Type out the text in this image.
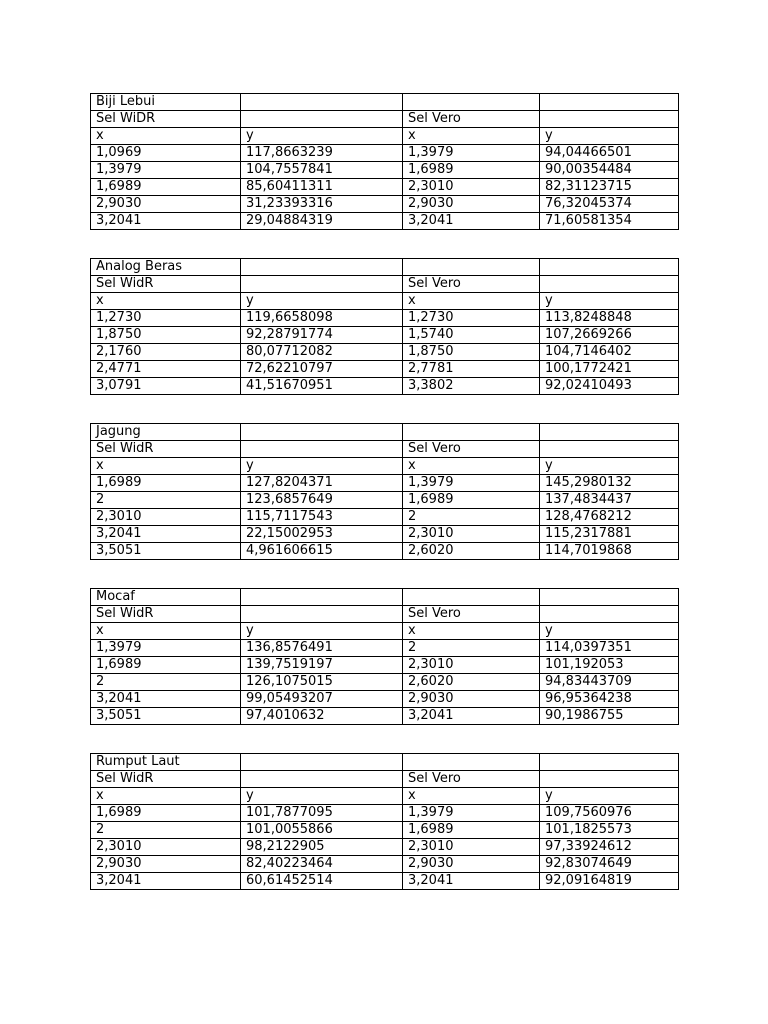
Biji Lebui			
Sel WiDR		Sel Vero	
x	y	x	y
1,0969	117,8663239	1,3979	94,04466501
1,3979	104,7557841	1,6989	90,00354484
1,6989	85,60411311	2,3010	82,31123715
2,9030	31,23393316	2,9030	76,32045374
3,2041	29,04884319	3,2041	71,60581354
Analog Beras			
Sel WidR		Sel Vero	
x	y	x	y
1,2730	119,6658098	1,2730	113,8248848
1,8750	92,28791774	1,5740	107,2669266
2,1760	80,07712082	1,8750	104,7146402
2,4771	72,62210797	2,7781	100,1772421
3,0791	41,51670951	3,3802	92,02410493
Jagung			
Sel WidR		Sel Vero	
x	y	x	y
1,6989	127,8204371	1,3979	145,2980132
2	123,6857649	1,6989	137,4834437
2,3010	115,7117543	2	128,4768212
3,2041	22,15002953	2,3010	115,2317881
3,5051	4,961606615	2,6020	114,7019868
Mocaf			
Sel WidR		Sel Vero	
x	y	x	y
1,3979	136,8576491	2	114,0397351
1,6989	139,7519197	2,3010	101,192053
2	126,1075015	2,6020	94,83443709
3,2041	99,05493207	2,9030	96,95364238
3,5051	97,4010632	3,2041	90,1986755
Rumput Laut			
Sel WidR		Sel Vero	
x	y	x	y
1,6989	101,7877095	1,3979	109,7560976
2	101,0055866	1,6989	101,1825573
2,3010	98,2122905	2,3010	97,33924612
2,9030	82,40223464	2,9030	92,83074649
3,2041	60,61452514	3,2041	92,09164819
